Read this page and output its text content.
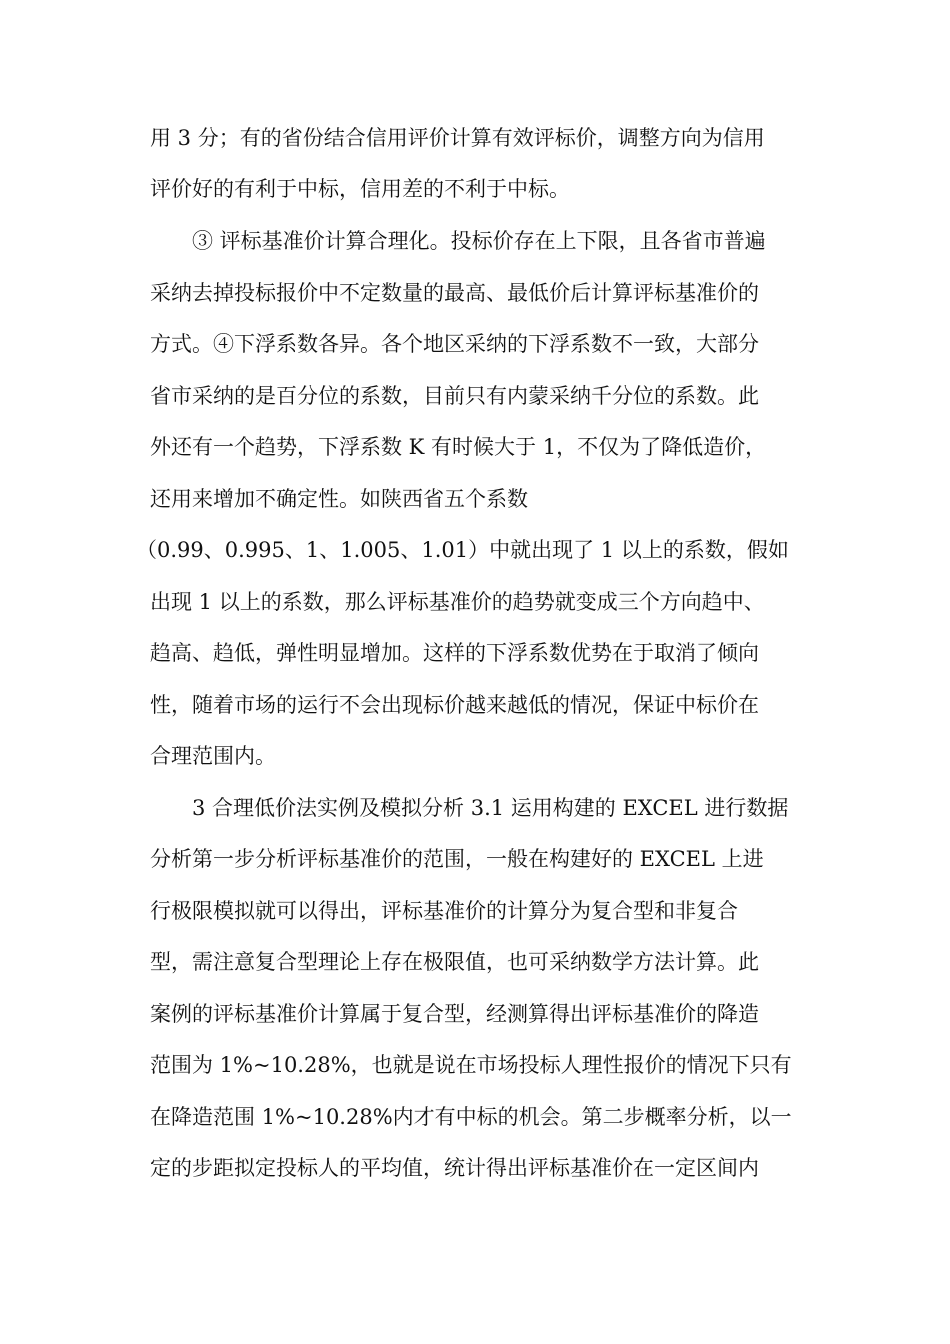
用 3 分；有的省份结合信用评价计算有效评标价，调整方向为信用
评价好的有利于中标，信用差的不利于中标。
③ 评标基准价计算合理化。投标价存在上下限，且各省市普遍
采纳去掉投标报价中不定数量的最高、最低价后计算评标基准价的
方式。④下浮系数各异。各个地区采纳的下浮系数不一致，大部分
省市采纳的是百分位的系数，目前只有内蒙采纳千分位的系数。此
外还有一个趋势，下浮系数 K 有时候大于 1，不仅为了降低造价，
还用来增加不确定性。如陕西省五个系数
（0.99、0.995、1、1.005、1.01）中就出现了 1 以上的系数，假如
出现 1 以上的系数，那么评标基准价的趋势就变成三个方向趋中、
趋高、趋低，弹性明显增加。这样的下浮系数优势在于取消了倾向
性，随着市场的运行不会出现标价越来越低的情况，保证中标价在
合理范围内。
3 合理低价法实例及模拟分析 3.1 运用构建的 EXCEL 进行数据
分析第一步分析评标基准价的范围，一般在构建好的 EXCEL 上进
行极限模拟就可以得出，评标基准价的计算分为复合型和非复合
型，需注意复合型理论上存在极限值，也可采纳数学方法计算。此
案例的评标基准价计算属于复合型，经测算得出评标基准价的降造
范围为 1%~10.28%，也就是说在市场投标人理性报价的情况下只有
在降造范围 1%~10.28%内才有中标的机会。第二步概率分析，以一
定的步距拟定投标人的平均值，统计得出评标基准价在一定区间内
